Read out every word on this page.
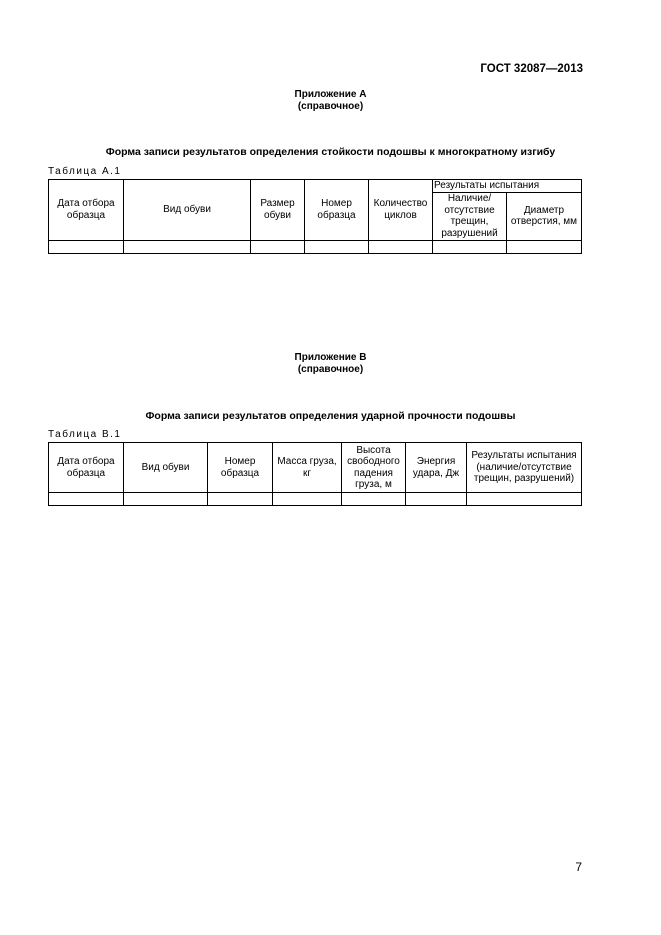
ГОСТ 32087—2013
Приложение А
(справочное)
Форма записи результатов определения стойкости подошвы к многократному изгибу
Таблица А.1
Дата отбора образца	Вид обуви	Размер обуви	Номер образца	Количество циклов	Результаты испытания	
					Наличие/ отсутствие трещин, разрушений	Диаметр отверстия, мм

Приложение В
(справочное)
Форма записи результатов определения ударной прочности подошвы
Таблица В.1
Дата отбора образца	Вид обуви	Номер образца	Масса груза, кг	Высота свободного падения груза, м	Энергия удара, Дж	Результаты испытания (наличие/отсутствие трещин, разрушений)

7
